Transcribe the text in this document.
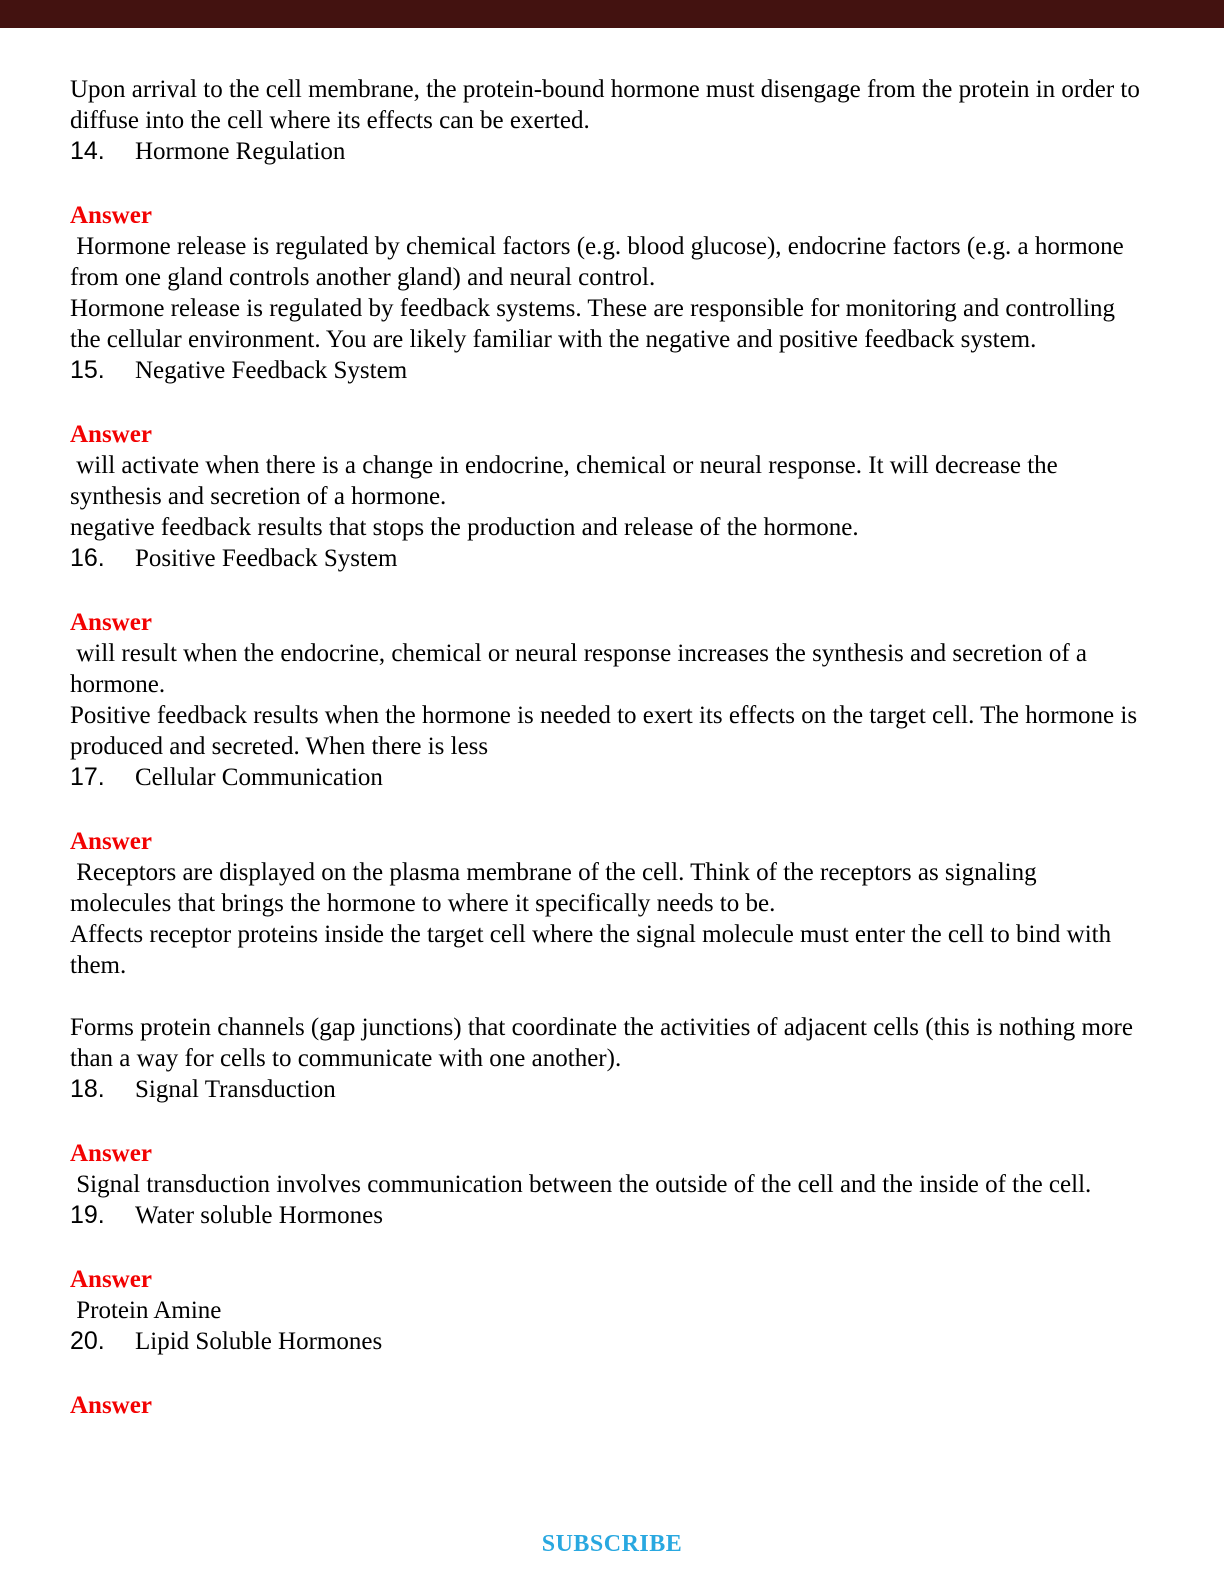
Upon arrival to the cell membrane, the protein-bound hormone must disengage from the protein in order to diffuse into the cell where its effects can be exerted.

14.	Hormone Regulation

Answer

Hormone release is regulated by chemical factors (e.g. blood glucose), endocrine factors (e.g. a hormone from one gland controls another gland) and neural control.

Hormone release is regulated by feedback systems. These are responsible for monitoring and controlling the cellular environment. You are likely familiar with the negative and positive feedback system.

15.	Negative Feedback System

Answer

will activate when there is a change in endocrine, chemical or neural response. It will decrease the synthesis and secretion of a hormone.

negative feedback results that stops the production and release of the hormone.

16.	Positive Feedback System

Answer

will result when the endocrine, chemical or neural response increases the synthesis and secretion of a hormone.

Positive feedback results when the hormone is needed to exert its effects on the target cell. The hormone is produced and secreted. When there is less

17.	Cellular Communication

Answer

Receptors are displayed on the plasma membrane of the cell. Think of the receptors as signaling molecules that brings the hormone to where it specifically needs to be.

Affects receptor proteins inside the target cell where the signal molecule must enter the cell to bind with them.

Forms protein channels (gap junctions) that coordinate the activities of adjacent cells (this is nothing more than a way for cells to communicate with one another).

18.	Signal Transduction

Answer

Signal transduction involves communication between the outside of the cell and the inside of the cell.

19.	Water soluble Hormones

Answer

Protein Amine

20.	Lipid Soluble Hormones

Answer

SUBSCRIBE
